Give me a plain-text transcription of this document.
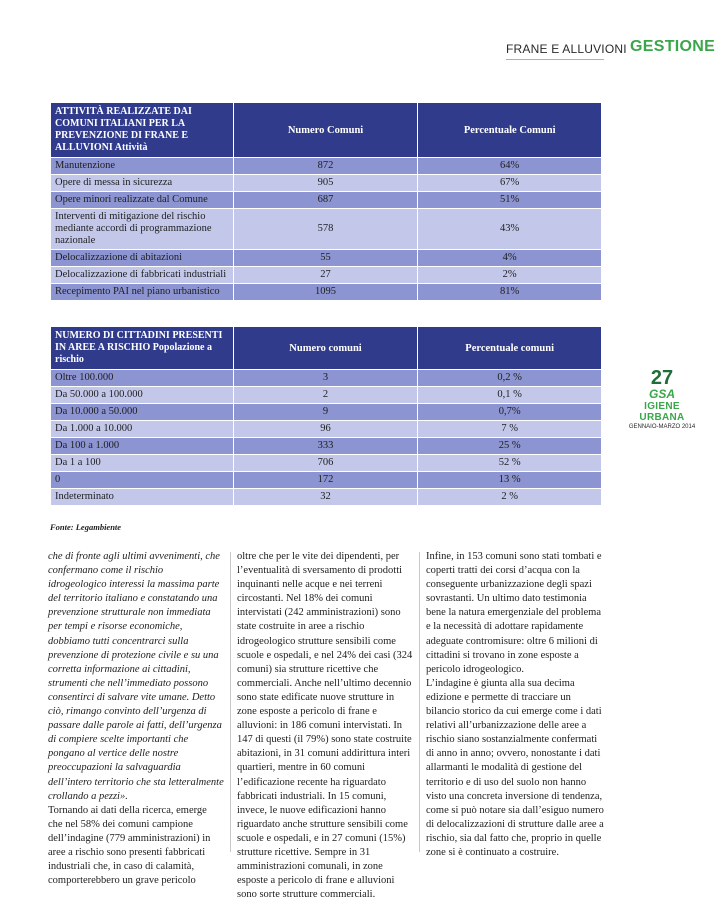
FRANE E ALLUVIONI GESTIONE
27
GSA
IGIENE URBANA
GENNAIO-MARZO 2014
ATTIVITÀ REALIZZATE DAI COMUNI ITALIANI PER LA PREVENZIONE DI FRANE E ALLUVIONI Attività	Numero Comuni	Percentuale Comuni
Manutenzione	872	64%
Opere di messa in sicurezza	905	67%
Opere minori realizzate dal Comune	687	51%
Interventi di mitigazione del rischio mediante accordi di programmazione nazionale	578	43%
Delocalizzazione di abitazioni	55	4%
Delocalizzazione di fabbricati industriali	27	2%
Recepimento PAI nel piano urbanistico	1095	81%
NUMERO DI CITTADINI PRESENTI IN AREE A RISCHIO Popolazione a rischio	Numero comuni	Percentuale comuni
Oltre 100.000	3	0,2 %
Da 50.000 a 100.000	2	0,1 %
Da 10.000 a 50.000	9	0,7%
Da 1.000 a 10.000	96	7 %
Da 100 a 1.000	333	25 %
Da 1 a 100	706	52 %
0	172	13 %
Indeterminato	32	2 %
Fonte: Legambiente

che di fronte agli ultimi avvenimenti, che confermano come il rischio idrogeologico interessi la massima parte del territorio italiano e constatando una prevenzione strutturale non immediata per tempi e risorse economiche, dobbiamo tutti concentrarci sulla prevenzione di protezione civile e su una corretta informazione ai cittadini, strumenti che nell’immediato possono consentirci di salvare vite umane. Detto ciò, rimango convinto dell’urgenza di passare dalle parole ai fatti, dell’urgenza di compiere scelte importanti che pongano al vertice delle nostre preoccupazioni la salvaguardia dell’intero territorio che sta letteralmente crollando a pezzi».

Tornando ai dati della ricerca, emerge che nel 58% dei comuni campione dell’indagine (779 amministrazioni) in aree a rischio sono presenti fabbricati industriali che, in caso di calamità, comporterebbero un grave pericolo

oltre che per le vite dei dipendenti, per l’eventualità di sversamento di prodotti inquinanti nelle acque e nei terreni circostanti. Nel 18% dei comuni intervistati (242 amministrazioni) sono state costruite in aree a rischio idrogeologico strutture sensibili come scuole e ospedali, e nel 24% dei casi (324 comuni) sia strutture ricettive che commerciali. Anche nell’ultimo decennio sono state edificate nuove strutture in zone esposte a pericolo di frane e alluvioni: in 186 comuni intervistati. In 147 di questi (il 79%) sono state costruite abitazioni, in 31 comuni addirittura interi quartieri, mentre in 60 comuni l’edificazione recente ha riguardato fabbricati industriali. In 15 comuni, invece, le nuove edificazioni hanno riguardato anche strutture sensibili come scuole e ospedali, e in 27 comuni (15%) strutture ricettive. Sempre in 31 amministrazioni comunali, in zone esposte a pericolo di frane e alluvioni sono sorte strutture commerciali.

Infine, in 153 comuni sono stati tombati e coperti tratti dei corsi d’acqua con la conseguente urbanizzazione degli spazi sovrastanti. Un ultimo dato testimonia bene la natura emergenziale del problema e la necessità di adottare rapidamente adeguate contromisure: oltre 6 milioni di cittadini si trovano in zone esposte a pericolo idrogeologico.

L’indagine è giunta alla sua decima edizione e permette di tracciare un bilancio storico da cui emerge come i dati relativi all’urbanizzazione delle aree a rischio siano sostanzialmente confermati di anno in anno; ovvero, nonostante i dati allarmanti le modalità di gestione del territorio e di uso del suolo non hanno visto una concreta inversione di tendenza, come si può notare sia dall’esiguo numero di delocalizzazioni di strutture dalle aree a rischio, sia dal fatto che, proprio in quelle zone si è continuato a costruire.
